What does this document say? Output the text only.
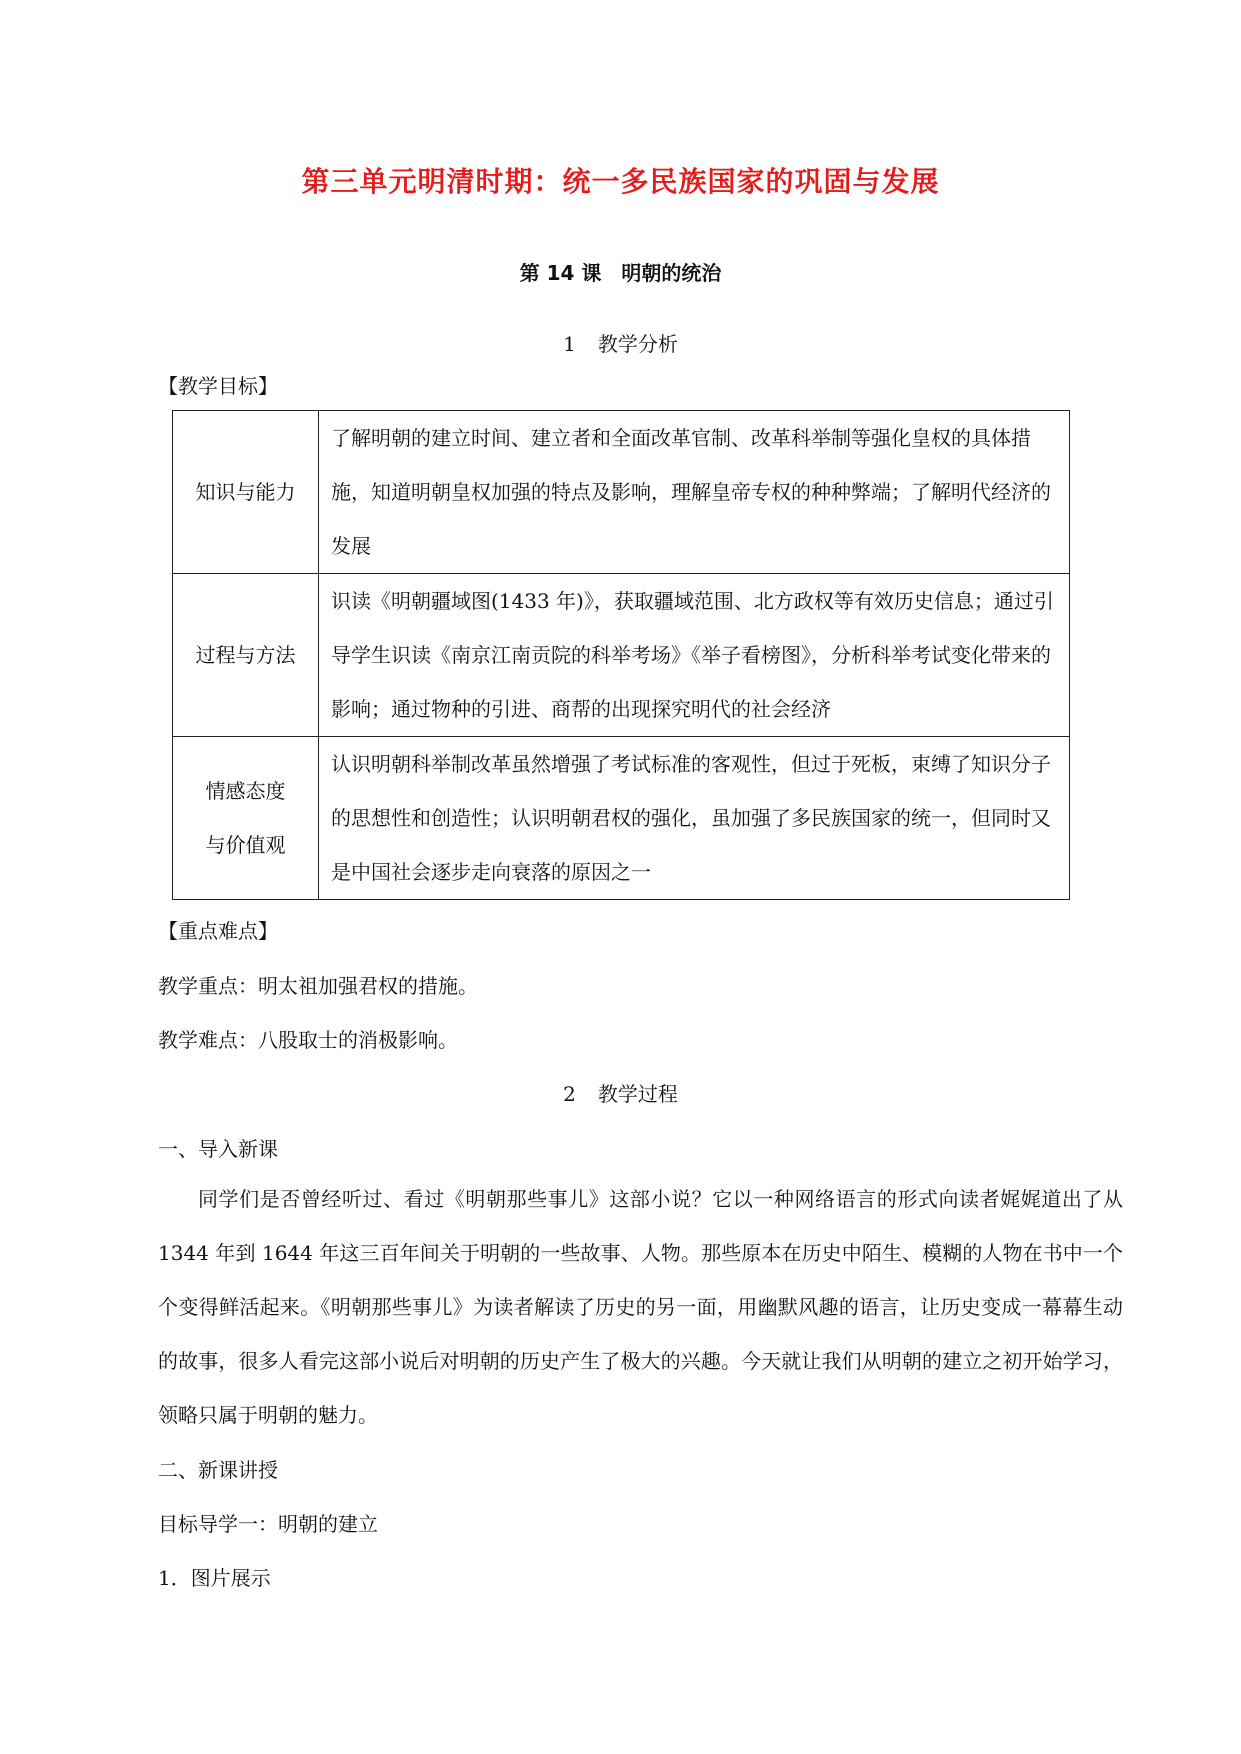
第三单元明清时期：统一多民族国家的巩固与发展
第 14 课　明朝的统治
1 教学分析
【教学目标】
知识与能力	了解明朝的建立时间、建立者和全面改革官制、改革科举制等强化皇权的具体措施，知道明朝皇权加强的特点及影响，理解皇帝专权的种种弊端；了解明代经济的发展
过程与方法	识读《明朝疆域图(1433 年)》，获取疆域范围、北方政权等有效历史信息；通过引导学生识读《南京江南贡院的科举考场》《举子看榜图》，分析科举考试变化带来的影响；通过物种的引进、商帮的出现探究明代的社会经济

情感态度
与价值观	认识明朝科举制改革虽然增强了考试标准的客观性，但过于死板，束缚了知识分子的思想性和创造性；认识明朝君权的强化，虽加强了多民族国家的统一，但同时又是中国社会逐步走向衰落的原因之一
【重点难点】
教学重点：明太祖加强君权的措施。
教学难点：八股取士的消极影响。
2 教学过程
一、导入新课
同学们是否曾经听过、看过《明朝那些事儿》这部小说？它以一种网络语言的形式向读者娓娓道出了从 1344 年到 1644 年这三百年间关于明朝的一些故事、人物。那些原本在历史中陌生、模糊的人物在书中一个个变得鲜活起来。《明朝那些事儿》为读者解读了历史的另一面，用幽默风趣的语言，让历史变成一幕幕生动的故事，很多人看完这部小说后对明朝的历史产生了极大的兴趣。今天就让我们从明朝的建立之初开始学习，领略只属于明朝的魅力。
二、新课讲授
目标导学一：明朝的建立
1．图片展示
